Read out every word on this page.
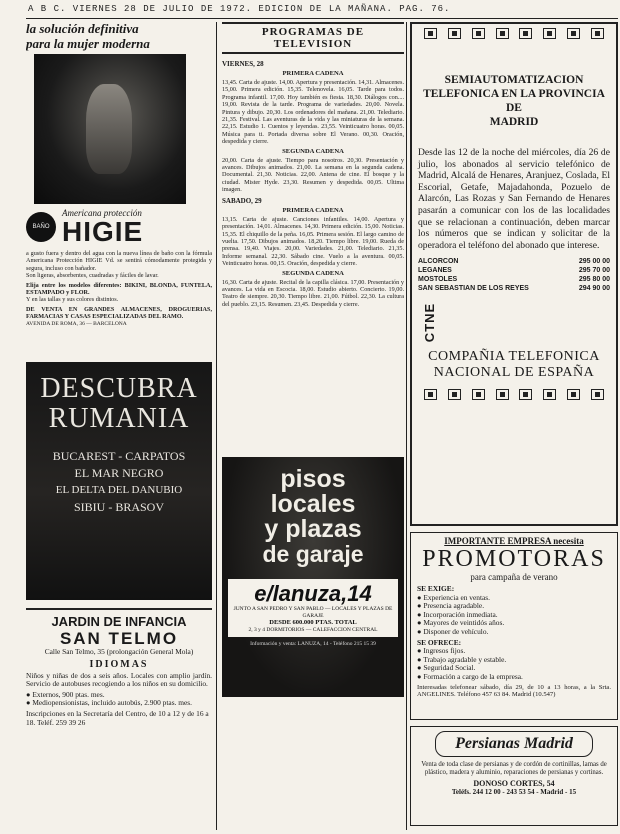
A B C. VIERNES 28 DE JULIO DE 1972. EDICION DE LA MAÑANA. PAG. 76.
la solución definitiva
para la mujer moderna
BAÑO
Americana protección
HIGIE
a gusto fuera y dentro del agua con la nueva línea de baño con la fórmula Americana Protección HIGIE Vd. se sentirá cómodamente protegida y segura, incluso con bañador.
Son ligeras, absorbentes, cuadradas y fáciles de lavar.
Elija entre los modelos diferentes: BIKINI, BLONDA, FUNTELA, ESTAMPADO y FLOR.
Y en las tallas y sus colores distintos.
DE VENTA EN GRANDES ALMACENES, DROGUERIAS, FARMACIAS Y CASAS ESPECIALIZADAS DEL RAMO.
AVENIDA DE ROMA, 36 — BARCELONA
DESCUBRA
RUMANIA
BUCAREST - CARPATOS
EL MAR NEGRO
EL DELTA DEL DANUBIO
SIBIU - BRASOV
JARDIN DE INFANCIA
SAN TELMO
Calle San Telmo, 35 (prolongación General Mola)
IDIOMAS
Niños y niñas de dos a seis años. Locales con amplio jardín. Servicio de autobuses recogiendo a los niños en su domicilio.
● Externos, 900 ptas. mes.
● Mediopensionistas, incluido autobús, 2.900 ptas. mes.
Inscripciones en la Secretaría del Centro, de 10 a 12 y de 16 a 18. Teléf. 259 39 26
PROGRAMAS DE TELEVISION
VIERNES, 28
PRIMERA CADENA
13,45. Carta de ajuste. 14,00. Apertura y presentación. 14,31. Almacenes. 15,00. Primera edición. 15,35. Telenovela. 16,05. Tarde para todos. Programa infantil. 17,00. Hoy también es fiesta. 18,30. Diálogos con.... 19,00. Revista de la tarde. Programa de variedades. 20,00. Novela. Pintura y dibujo. 20,30. Los ordenadores del mañana. 21,00. Telediario. 21,35. Festival. Las aventuras de la vida y las miniaturas de la semana. 22,15. Estudio 1. Cuentos y leyendas. 23,55. Veinticuatro horas. 00,05. Música para ti. Portada diversa sobre El Verano. 00,30. Oración, despedida y cierre.
SEGUNDA CADENA
20,00. Carta de ajuste. Tiempo para nosotros. 20,30. Presentación y avances. Dibujos animados. 21,00. La semana en la segunda cadena. Documental. 21,30. Noticias. 22,00. Antena de cine. El bosque y la ciudad. Mister Hyde. 23,30. Resumen y despedida. 00,05. Ultima imagen.
SABADO, 29
PRIMERA CADENA
13,15. Carta de ajuste. Canciones infantiles. 14,00. Apertura y presentación. 14,01. Almacenes. 14,30. Primera edición. 15,00. Noticias. 15,35. El chiquillo de la peña. 16,05. Primera sesión. El largo camino de vuelta. 17,50. Dibujos animados. 18,20. Tiempo libre. 19,00. Rueda de prensa. 19,40. Viajes. 20,00. Variedades. 21,00. Telediario. 21,35. Informe semanal. 22,30. Sábado cine. Vuelo a la aventura. 00,05. Veinticuatro horas. 00,15. Oración, despedida y cierre.
SEGUNDA CADENA
16,30. Carta de ajuste. Recital de la capilla clásica. 17,00. Presentación y avances. La vida en Escocia. 18,00. Estudio abierto. Concierto. 19,00. Teatro de siempre. 20,30. Tiempo libre. 21,00. Fútbol. 22,30. La cultura del pueblo. 23,15. Resumen. 23,45. Despedida y cierre.
pisos
locales
y plazas
de garaje
e/lanuza,14
JUNTO A SAN PEDRO Y SAN PABLO — LOCALES Y PLAZAS DE GARAJE
DESDE 600.000 PTAS. TOTAL
2, 3 y 4 DORMITORIOS — CALEFACCION CENTRAL
Información y venta: LANUZA, 14 - Teléfono 215 15 39
SEMIAUTOMATIZACION TELEFONICA EN LA PROVINCIA DE
MADRID
Desde las 12 de la noche del miércoles, día 26 de julio, los abonados al servicio telefónico de Madrid, Alcalá de Henares, Aranjuez, Coslada, El Escorial, Getafe, Majadahonda, Pozuelo de Alarcón, Las Rozas y San Fernando de Henares pasarán a comunicar con los de las localidades que se relacionan a continuación, deben marcar los números que se indican y solicitar de la operadora el teléfono del abonado que interese.
ALCORCON	295 00 00
LEGANES	295 70 00
MOSTOLES	295 80 00
SAN SEBASTIAN DE LOS REYES	294 90 00
CTNE
COMPAÑIA TELEFONICA
NACIONAL DE ESPAÑA
IMPORTANTE EMPRESA necesita
PROMOTORAS
para campaña de verano
SE EXIGE:
● Experiencia en ventas.
● Presencia agradable.
● Incorporación inmediata.
● Mayores de veintidós años.
● Disponer de vehículo.
SE OFRECE:
● Ingresos fijos.
● Trabajo agradable y estable.
● Seguridad Social.
● Formación a cargo de la empresa.
Interesadas telefonear sábado, día 29, de 10 a 13 horas, a la Srta. ANGELINES. Teléfono 457 63 84. Madrid (10.547)
Persianas Madrid
Venta de toda clase de persianas y de cordón de cortinillas, lamas de plástico, madera y aluminio, reparaciones de persianas y cortinas.
DONOSO CORTES, 54
Teléfs. 244 12 00 - 243 53 54 - Madrid - 15
